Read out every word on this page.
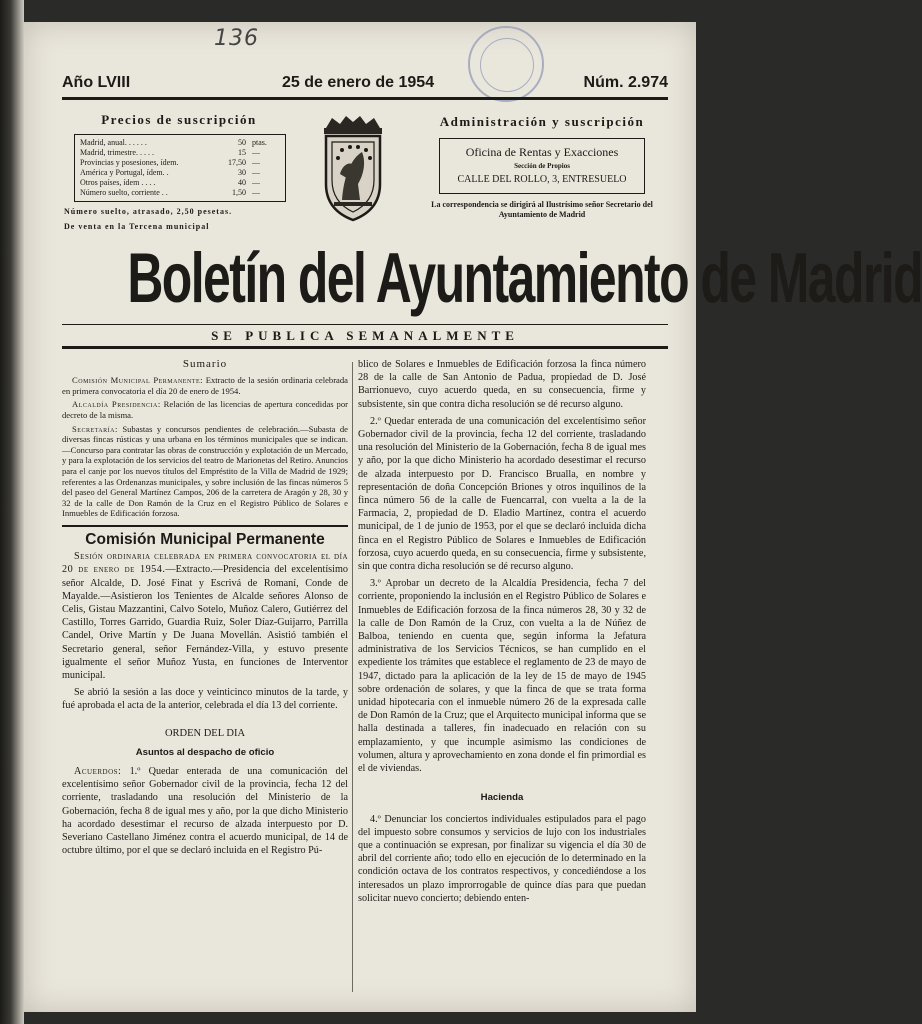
136
Año LVIII	25 de enero de 1954	Núm. 2.974
Precios de suscripción
Madrid, anual. . . . . .	50 ptas.
Madrid, trimestre. . . . .	15 —
Provincias y posesiones, ídem.	17,50 —
América y Portugal, ídem. .	30 —
Otros países, ídem . . . .	40 —
Número suelto, corriente . .	1,50 —
Número suelto, atrasado, 2,50 pesetas.
De venta en la Tercena municipal
Administración y suscripción
Oficina de Rentas y Exacciones
Sección de Propios
CALLE DEL ROLLO, 3, ENTRESUELO
La correspondencia se dirigirá al Ilustrísimo señor Secretario del Ayuntamiento de Madrid
Boletín del Ayuntamiento de Madrid
SE PUBLICA SEMANALMENTE
Sumario

Comisión Municipal Permanente: Extracto de la sesión ordinaria celebrada en primera convocatoria el día 20 de enero de 1954.

Alcaldía Presidencia: Relación de las licencias de apertura concedidas por decreto de la misma.

Secretaría: Subastas y concursos pendientes de celebración.—Subasta de diversas fincas rústicas y una urbana en los términos municipales que se indican.—Concurso para contratar las obras de construcción y explotación de un Mercado, y para la explotación de los servicios del teatro de Marionetas del Retiro. Anuncios para el canje por los nuevos títulos del Empréstito de la Villa de Madrid de 1929; referentes a las Ordenanzas municipales, y sobre inclusión de las fincas números 5 del paseo del General Martínez Campos, 206 de la carretera de Aragón y 28, 30 y 32 de la calle de Don Ramón de la Cruz en el Registro Público de Solares e Inmuebles de Edificación forzosa.

Comisión Municipal Permanente

Sesión ordinaria celebrada en primera convocatoria el día 20 de enero de 1954.—Extracto.—Presidencia del excelentísimo señor Alcalde, D. José Finat y Escrivá de Romaní, Conde de Mayalde.—Asistieron los Tenientes de Alcalde señores Alonso de Celis, Gistau Mazzantini, Calvo Sotelo, Muñoz Calero, Gutiérrez del Castillo, Torres Garrido, Guardia Ruiz, Soler Díaz-Guijarro, Parrilla Candel, Orive Martín y De Juana Movellán. Asistió también el Secretario general, señor Fernández-Villa, y estuvo presente igualmente el señor Muñoz Yusta, en funciones de Interventor municipal.

Se abrió la sesión a las doce y veinticinco minutos de la tarde, y fué aprobada el acta de la anterior, celebrada el día 13 del corriente.

ORDEN DEL DIA
Asuntos al despacho de oficio

Acuerdos: 1.º Quedar enterada de una comunicación del excelentísimo señor Gobernador civil de la provincia, fecha 12 del corriente, trasladando una resolución del Ministerio de la Gobernación, fecha 8 de igual mes y año, por la que dicho Ministerio ha acordado desestimar el recurso de alzada interpuesto por D. Severiano Castellano Jiménez contra el acuerdo municipal, de 14 de octubre último, por el que se declaró incluida en el Registro Pú-

blico de Solares e Inmuebles de Edificación forzosa la finca número 28 de la calle de San Antonio de Padua, propiedad de D. José Barrionuevo, cuyo acuerdo queda, en su consecuencia, firme y subsistente, sin que contra dicha resolución se dé recurso alguno.

2.º Quedar enterada de una comunicación del excelentísimo señor Gobernador civil de la provincia, fecha 12 del corriente, trasladando una resolución del Ministerio de la Gobernación, fecha 8 de igual mes y año, por la que dicho Ministerio ha acordado desestimar el recurso de alzada interpuesto por D. Francisco Brualla, en nombre y representación de doña Concepción Briones y otros inquilinos de la finca número 56 de la calle de Fuencarral, con vuelta a la de la Farmacia, 2, propiedad de D. Eladio Martínez, contra el acuerdo municipal, de 1 de junio de 1953, por el que se declaró incluida dicha finca en el Registro Público de Solares e Inmuebles de Edificación forzosa, cuyo acuerdo queda, en su consecuencia, firme y subsistente, sin que contra dicha resolución se dé recurso alguno.

3.º Aprobar un decreto de la Alcaldía Presidencia, fecha 7 del corriente, proponiendo la inclusión en el Registro Público de Solares e Inmuebles de Edificación forzosa de la finca números 28, 30 y 32 de la calle de Don Ramón de la Cruz, con vuelta a la de Núñez de Balboa, teniendo en cuenta que, según informa la Jefatura administrativa de los Servicios Técnicos, se han cumplido en el expediente los trámites que establece el reglamento de 23 de mayo de 1947, dictado para la aplicación de la ley de 15 de mayo de 1945 sobre ordenación de solares, y que la finca de que se trata forma unidad hipotecaria con el inmueble número 26 de la expresada calle de Don Ramón de la Cruz; que el Arquitecto municipal informa que se halla destinada a talleres, fin inadecuado en relación con su emplazamiento, y que incumple asimismo las condiciones de volumen, altura y aprovechamiento en zona donde el fin primordial es el de viviendas.

Hacienda

4.º Denunciar los conciertos individuales estipulados para el pago del impuesto sobre consumos y servicios de lujo con los industriales que a continuación se expresan, por finalizar su vigencia el día 30 de abril del corriente año; todo ello en ejecución de lo determinado en la condición octava de los contratos respectivos, y concediéndose a los interesados un plazo improrrogable de quince días para que puedan solicitar nuevo concierto; debiendo enten-
